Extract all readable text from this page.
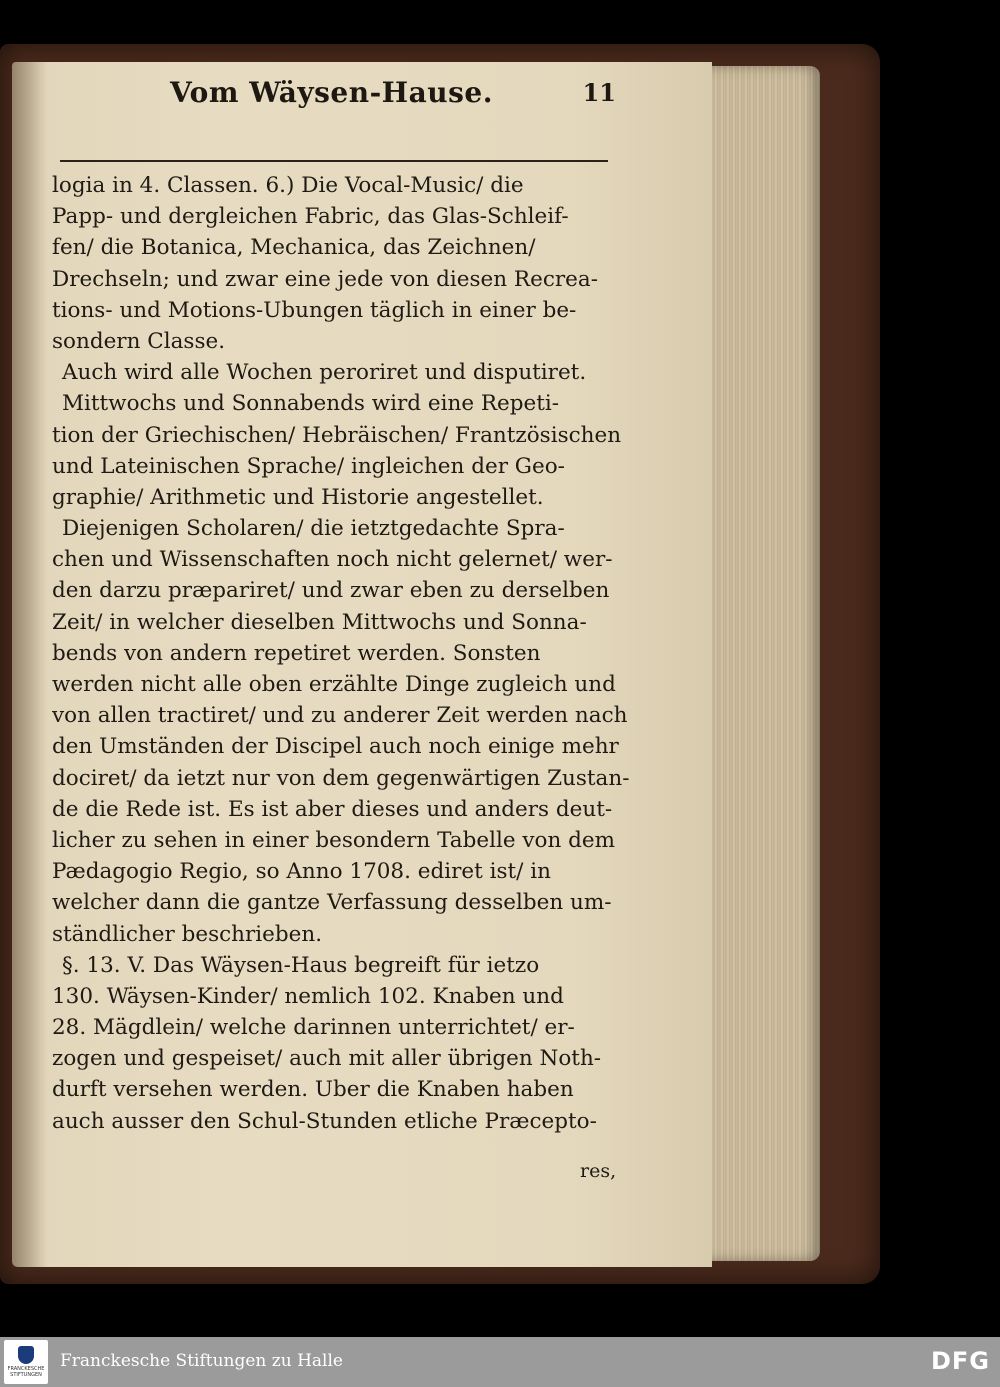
Vom Wäysen-Hause.	11
logia in 4. Classen. 6.) Die Vocal-Music/ die
Papp- und dergleichen Fabric, das Glas-Schleif-
fen/ die Botanica, Mechanica, das Zeichnen/
Drechseln; und zwar eine jede von diesen Recrea-
tions- und Motions-Ubungen täglich in einer be-
sondern Classe.
Auch wird alle Wochen peroriret und disputiret.
Mittwochs und Sonnabends wird eine Repeti-
tion der Griechischen/ Hebräischen/ Frantzösischen
und Lateinischen Sprache/ ingleichen der Geo-
graphie/ Arithmetic und Historie angestellet.
Diejenigen Scholaren/ die ietztgedachte Spra-
chen und Wissenschaften noch nicht gelernet/ wer-
den darzu præpariret/ und zwar eben zu derselben
Zeit/ in welcher dieselben Mittwochs und Sonna-
bends von andern repetiret werden. Sonsten
werden nicht alle oben erzählte Dinge zugleich und
von allen tractiret/ und zu anderer Zeit werden nach
den Umständen der Discipel auch noch einige mehr
dociret/ da ietzt nur von dem gegenwärtigen Zustan-
de die Rede ist. Es ist aber dieses und anders deut-
licher zu sehen in einer besondern Tabelle von dem
Pædagogio Regio, so Anno 1708. ediret ist/ in
welcher dann die gantze Verfassung desselben um-
ständlicher beschrieben.
§. 13. V. Das Wäysen-Haus begreift für ietzo
130. Wäysen-Kinder/ nemlich 102. Knaben und
28. Mägdlein/ welche darinnen unterrichtet/ er-
zogen und gespeiset/ auch mit aller übrigen Noth-
durft versehen werden. Uber die Knaben haben
auch ausser den Schul-Stunden etliche Præcepto-
res,
FRANCKESCHE
STIFTUNGEN
Franckesche Stiftungen zu Halle	DFG
